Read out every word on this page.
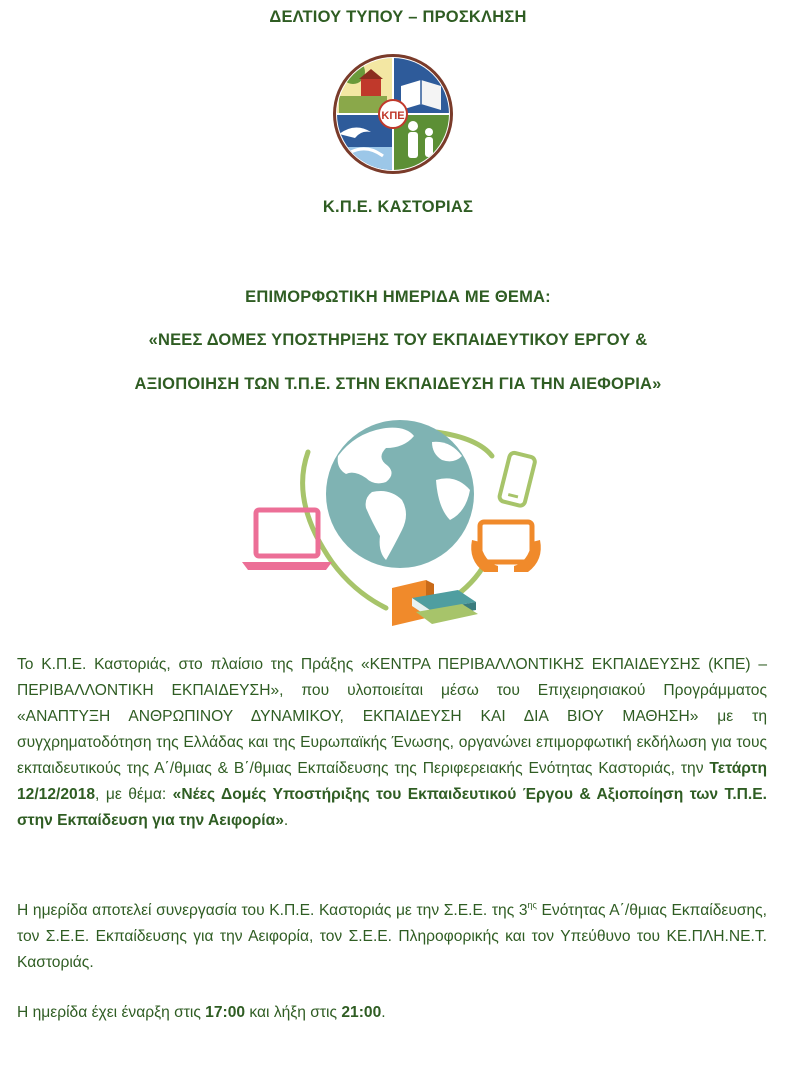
ΔΕΛΤΙΟΥ ΤΥΠΟΥ – ΠΡΟΣΚΛΗΣΗ
ΚΠΕ
Κ.Π.Ε. ΚΑΣΤΟΡΙΑΣ
ΕΠΙΜΟΡΦΩΤΙΚΗ ΗΜΕΡΙΔΑ ΜΕ ΘΕΜΑ:
«ΝΕΕΣ ΔΟΜΕΣ ΥΠΟΣΤΗΡΙΞΗΣ ΤΟΥ ΕΚΠΑΙΔΕΥΤΙΚΟΥ ΕΡΓΟΥ &
ΑΞΙΟΠΟΙΗΣΗ ΤΩΝ Τ.Π.Ε. ΣΤΗΝ ΕΚΠΑΙΔΕΥΣΗ ΓΙΑ ΤΗΝ ΑΙΕΦΟΡΙΑ»
Το Κ.Π.Ε. Καστοριάς, στο πλαίσιο της Πράξης «ΚΕΝΤΡΑ ΠΕΡΙΒΑΛΛΟΝΤΙΚΗΣ ΕΚΠΑΙΔΕΥΣΗΣ (ΚΠΕ) – ΠΕΡΙΒΑΛΛΟΝΤΙΚΗ ΕΚΠΑΙΔΕΥΣΗ», που υλοποιείται μέσω του Επιχειρησιακού Προγράμματος «ΑΝΑΠΤΥΞΗ ΑΝΘΡΩΠΙΝΟΥ ΔΥΝΑΜΙΚΟΥ, ΕΚΠΑΙΔΕΥΣΗ ΚΑΙ ΔΙΑ ΒΙΟΥ ΜΑΘΗΣΗ» με τη συγχρηματοδότηση της Ελλάδας και της Ευρωπαϊκής Ένωσης, οργανώνει επιμορφωτική εκδήλωση για τους εκπαιδευτικούς της Α΄/θμιας & Β΄/θμιας Εκπαίδευσης της Περιφερειακής Ενότητας Καστοριάς, την Τετάρτη 12/12/2018, με θέμα: «Νέες Δομές Υποστήριξης του Εκπαιδευτικού Έργου & Αξιοποίηση των Τ.Π.Ε. στην Εκπαίδευση για την Αειφορία».
Η ημερίδα αποτελεί συνεργασία του Κ.Π.Ε. Καστοριάς με την Σ.Ε.Ε. της $3^{\eta\varsigma}$ Ενότητας Α΄/θμιας Εκπαίδευσης, τον Σ.Ε.Ε. Εκπαίδευσης για την Αειφορία, τον Σ.Ε.Ε. Πληροφορικής και τον Υπεύθυνο του ΚΕ.ΠΛΗ.ΝΕ.Τ. Καστοριάς.
Η ημερίδα έχει έναρξη στις 17:00 και λήξη στις 21:00.
